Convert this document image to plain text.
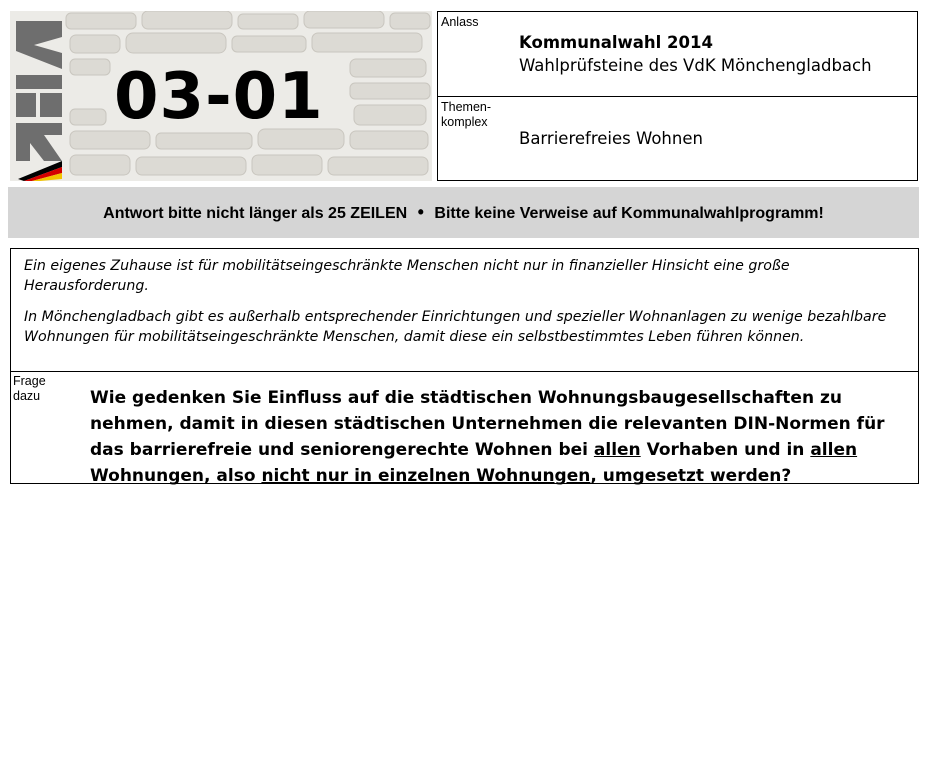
03-01
Anlass
Kommunalwahl 2014
Wahlprüfsteine des VdK Mönchengladbach
Themen-
komplex
Barrierefreies Wohnen
Antwort bitte nicht länger als 25 ZEILEN • Bitte keine Verweise auf Kommunalwahlprogramm!
Ein eigenes Zuhause ist für mobilitätseingeschränkte Menschen nicht nur in finanzieller Hinsicht eine große Herausforderung.
In Mönchengladbach gibt es außerhalb entsprechender Einrichtungen und spezieller Wohnanlagen zu wenige bezahlbare Wohnungen für mobilitätseingeschränkte Menschen, damit diese ein selbstbestimmtes Leben führen können.
Frage
dazu	Wie gedenken Sie Einfluss auf die städtischen Wohnungsbaugesellschaften zu nehmen, damit in diesen städtischen Unternehmen die relevanten DIN-Normen für das barrierefreie und seniorengerechte Wohnen bei allen Vorhaben und in allen Wohnungen, also nicht nur in einzelnen Wohnungen, umgesetzt werden?
